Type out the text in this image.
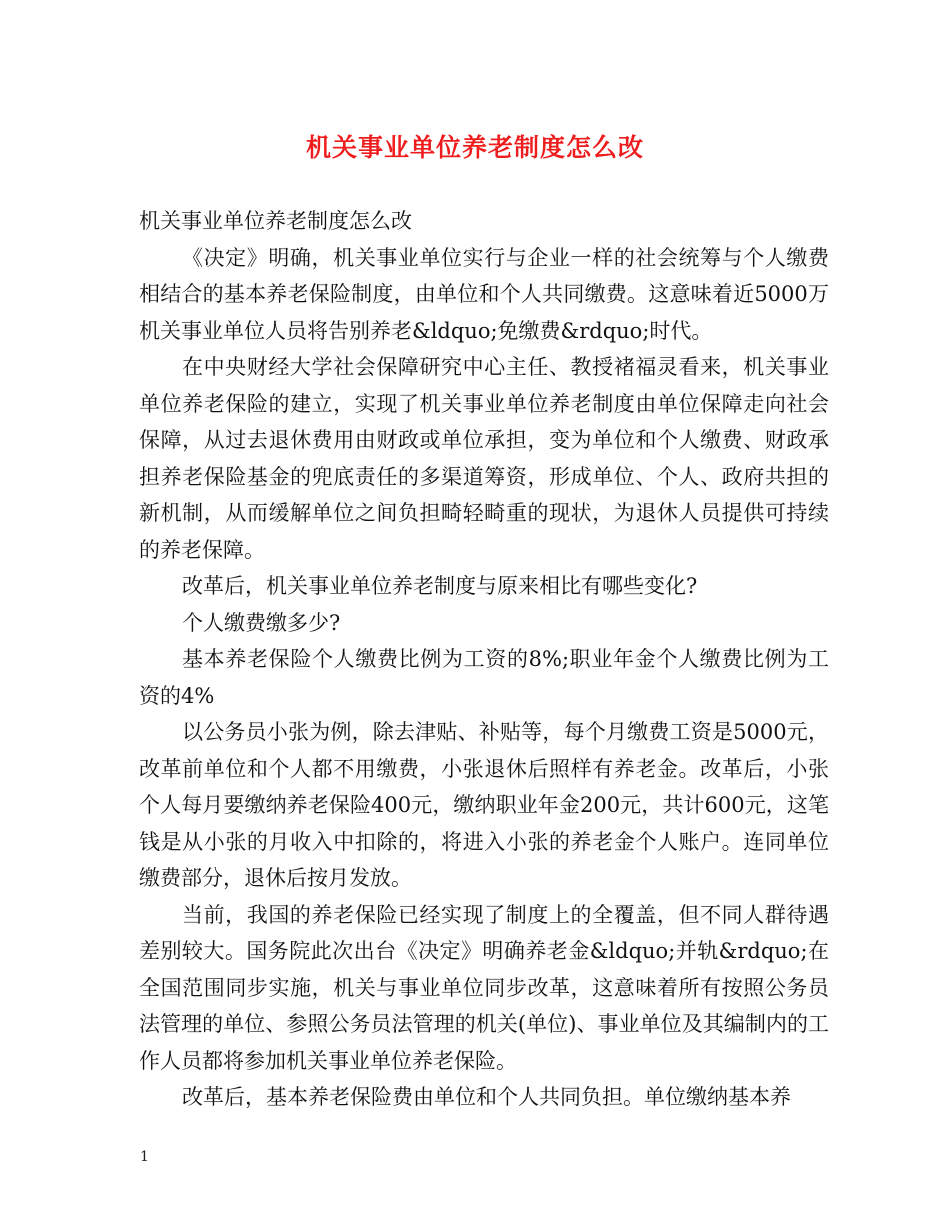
机关事业单位养老制度怎么改

机关事业单位养老制度怎么改

《决定》明确，机关事业单位实行与企业一样的社会统筹与个人缴费相结合的基本养老保险制度，由单位和个人共同缴费。这意味着近5000万机关事业单位人员将告别养老&ldquo;免缴费&rdquo;时代。

在中央财经大学社会保障研究中心主任、教授褚福灵看来，机关事业单位养老保险的建立，实现了机关事业单位养老制度由单位保障走向社会保障，从过去退休费用由财政或单位承担，变为单位和个人缴费、财政承担养老保险基金的兜底责任的多渠道筹资，形成单位、个人、政府共担的新机制，从而缓解单位之间负担畸轻畸重的现状，为退休人员提供可持续的养老保障。

改革后，机关事业单位养老制度与原来相比有哪些变化?

个人缴费缴多少?

基本养老保险个人缴费比例为工资的8%;职业年金个人缴费比例为工资的4%

以公务员小张为例，除去津贴、补贴等，每个月缴费工资是5000元，改革前单位和个人都不用缴费，小张退休后照样有养老金。改革后，小张个人每月要缴纳养老保险400元，缴纳职业年金200元，共计600元，这笔钱是从小张的月收入中扣除的，将进入小张的养老金个人账户。连同单位缴费部分，退休后按月发放。

当前，我国的养老保险已经实现了制度上的全覆盖，但不同人群待遇差别较大。国务院此次出台《决定》明确养老金&ldquo;并轨&rdquo;在全国范围同步实施，机关与事业单位同步改革，这意味着所有按照公务员法管理的单位、参照公务员法管理的机关(单位)、事业单位及其编制内的工作人员都将参加机关事业单位养老保险。

改革后，基本养老保险费由单位和个人共同负担。单位缴纳基本养

1
